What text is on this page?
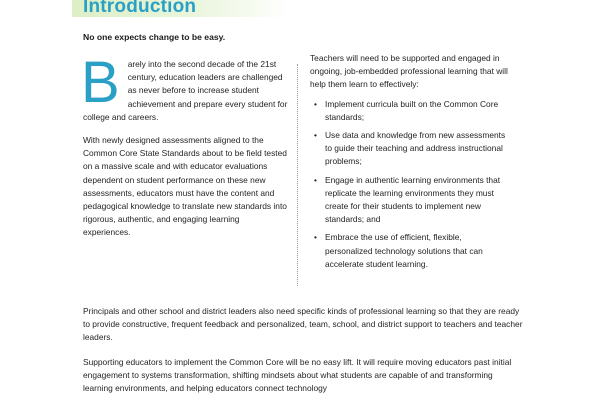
Introduction

No one expects change to be easy.

B arely into the second decade of the 21st century, education leaders are challenged as never before to increase student achievement and prepare every student for college and careers.

With newly designed assessments aligned to the Common Core State Standards about to be field tested on a massive scale and with educator evaluations dependent on student performance on these new assessments, educators must have the content and pedagogical knowledge to translate new standards into rigorous, authentic, and engaging learning experiences.

Teachers will need to be supported and engaged in ongoing, job-embedded professional learning that will help them learn to effectively:

• Implement curricula built on the Common Core standards;
• Use data and knowledge from new assessments to guide their teaching and address instructional problems;
• Engage in authentic learning environments that replicate the learning environments they must create for their students to implement new standards; and
• Embrace the use of efficient, flexible, personalized technology solutions that can accelerate student learning.

Principals and other school and district leaders also need specific kinds of professional learning so that they are ready to provide constructive, frequent feedback and personalized, team, school, and district support to teachers and teacher leaders.

Supporting educators to implement the Common Core will be no easy lift. It will require moving educators past initial engagement to systems transformation, shifting mindsets about what students are capable of and transforming learning environments, and helping educators connect technology
